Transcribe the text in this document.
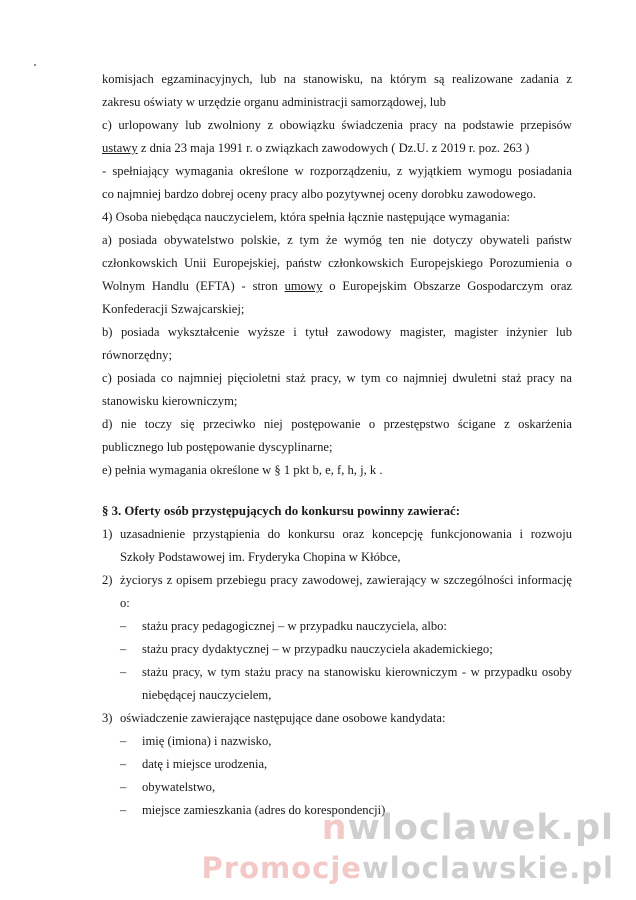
komisjach egzaminacyjnych, lub na stanowisku, na którym są realizowane zadania z

zakresu oświaty w urzędzie organu administracji samorządowej, lub

c) urlopowany lub zwolniony z obowiązku świadczenia pracy na podstawie przepisów

ustawy z dnia 23 maja 1991 r. o związkach zawodowych ( Dz.U. z 2019 r. poz. 263 )

- spełniający wymagania określone w rozporządzeniu, z wyjątkiem wymogu posiadania

co najmniej bardzo dobrej oceny pracy albo pozytywnej oceny dorobku zawodowego.

4) Osoba niebędąca nauczycielem, która spełnia łącznie następujące wymagania:

a) posiada obywatelstwo polskie, z tym że wymóg ten nie dotyczy obywateli państw

członkowskich Unii Europejskiej, państw członkowskich Europejskiego Porozumienia o

Wolnym Handlu (EFTA) - stron umowy o Europejskim Obszarze Gospodarczym oraz

Konfederacji Szwajcarskiej;

b) posiada wykształcenie wyższe i tytuł zawodowy magister, magister inżynier lub

równorzędny;

c) posiada co najmniej pięcioletni staż pracy, w tym co najmniej dwuletni staż pracy na

stanowisku kierowniczym;

d) nie toczy się przeciwko niej postępowanie o przestępstwo ścigane z oskarżenia

publicznego lub postępowanie dyscyplinarne;

e) pełnia wymagania określone w § 1 pkt b, e, f, h, j, k .

§ 3. Oferty osób przystępujących do konkursu powinny zawierać:

1) uzasadnienie przystąpienia do konkursu oraz koncepcję funkcjonowania i rozwoju Szkoły Podstawowej im. Fryderyka Chopina w Kłóbce,
2) życiorys z opisem przebiegu pracy zawodowej, zawierający w szczególności informację o:
– stażu pracy pedagogicznej – w przypadku nauczyciela, albo:
– stażu pracy dydaktycznej – w przypadku nauczyciela akademickiego;
– stażu pracy, w tym stażu pracy na stanowisku kierowniczym - w przypadku osoby niebędącej nauczycielem,
3) oświadczenie zawierające następujące dane osobowe kandydata:
– imię (imiona) i nazwisko,
– datę i miejsce urodzenia,
– obywatelstwo,
– miejsce zamieszkania (adres do korespondencji),
nwloclawek.pl
Promocjewloclawskie.pl
